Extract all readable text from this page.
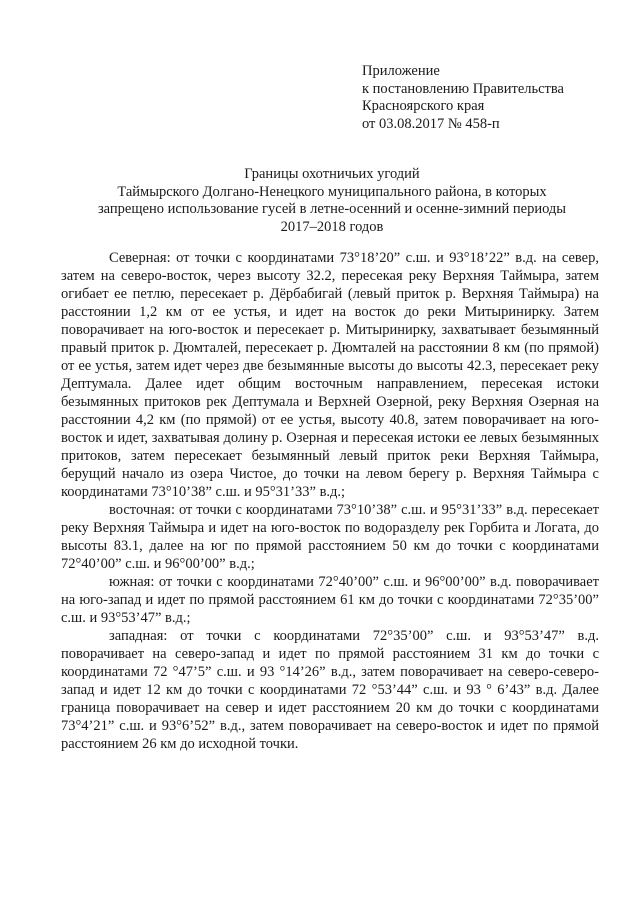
Приложение
к постановлению Правительства
Красноярского края
от 03.08.2017 № 458-п
Границы охотничьих угодий
Таймырского Долгано-Ненецкого муниципального района, в которых
запрещено использование гусей в летне-осенний и осенне-зимний периоды
2017–2018 годов

Северная: от точки с координатами 73°18’20” с.ш. и 93°18’22” в.д. на север, затем на северо-восток, через высоту 32.2, пересекая реку Верхняя Таймыра, затем огибает ее петлю, пересекает р. Дёрбабигай (левый приток р. Верхняя Таймыра) на расстоянии 1,2 км от ее устья, и идет на восток до реки Митыринирку. Затем поворачивает на юго-восток и пересекает р. Митыринирку, захватывает безымянный правый приток р. Дюмталей, пересекает р. Дюмталей на расстоянии 8 км (по прямой) от ее устья, затем идет через две безымянные высоты до высоты 42.3, пересекает реку Дептумала. Далее идет общим восточным направлением, пересекая истоки безымянных притоков рек Дептумала и Верхней Озерной, реку Верхняя Озерная на расстоянии 4,2 км (по прямой) от ее устья, высоту 40.8, затем поворачивает на юго-восток и идет, захватывая долину р. Озерная и пересекая истоки ее левых безымянных притоков, затем пересекает безымянный левый приток реки Верхняя Таймыра, берущий начало из озера Чистое, до точки на левом берегу р. Верхняя Таймыра с координатами 73°10’38” с.ш. и 95°31’33” в.д.;

восточная: от точки с координатами 73°10’38” с.ш. и 95°31’33” в.д. пересекает реку Верхняя Таймыра и идет на юго-восток по водоразделу рек Горбита и Логата, до высоты 83.1, далее на юг по прямой расстоянием 50 км до точки с координатами 72°40’00” с.ш. и 96°00’00” в.д.;

южная: от точки с координатами 72°40’00” с.ш. и 96°00’00” в.д. поворачивает на юго-запад и идет по прямой расстоянием 61 км до точки с координатами 72°35’00” с.ш. и 93°53’47” в.д.;

западная: от точки с координатами 72°35’00” с.ш. и 93°53’47” в.д. поворачивает на северо-запад и идет по прямой расстоянием 31 км до точки с координатами 72 °47’5” с.ш. и 93 °14’26” в.д., затем поворачивает на северо-северо-запад и идет 12 км до точки с координатами 72 °53’44” с.ш. и 93 ° 6’43” в.д. Далее граница поворачивает на север и идет расстоянием 20 км до точки с координатами 73°4’21” с.ш. и 93°6’52” в.д., затем поворачивает на северо-восток и идет по прямой расстоянием 26 км до исходной точки.
